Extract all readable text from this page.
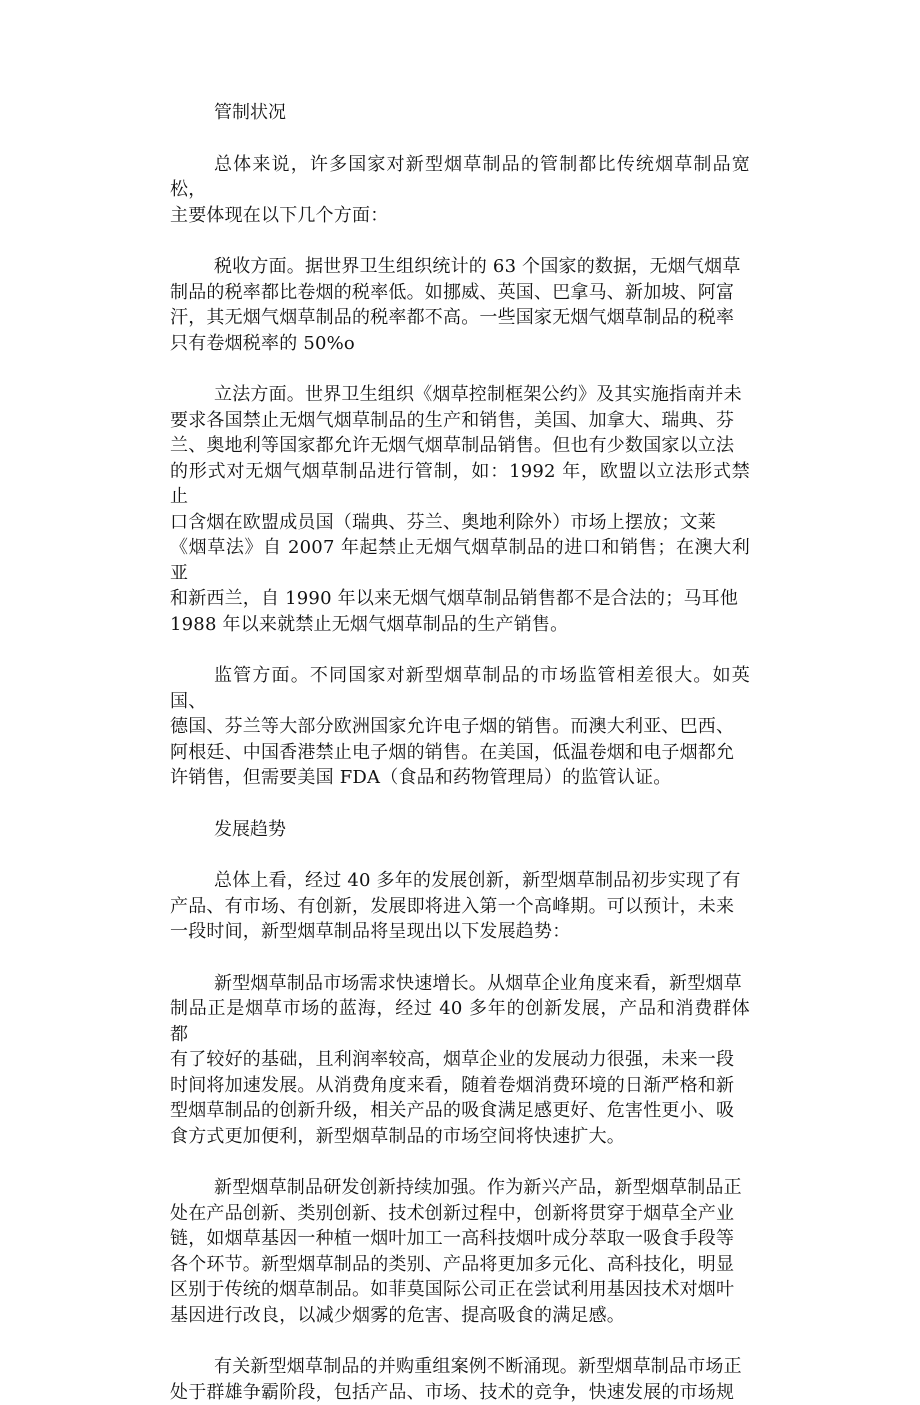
管制状况

总体来说，许多国家对新型烟草制品的管制都比传统烟草制品宽松，
主要体现在以下几个方面：

税收方面。据世界卫生组织统计的 63 个国家的数据，无烟气烟草
制品的税率都比卷烟的税率低。如挪威、英国、巴拿马、新加坡、阿富
汗，其无烟气烟草制品的税率都不高。一些国家无烟气烟草制品的税率
只有卷烟税率的 50%o

立法方面。世界卫生组织《烟草控制框架公约》及其实施指南并未
要求各国禁止无烟气烟草制品的生产和销售，美国、加拿大、瑞典、芬
兰、奥地利等国家都允许无烟气烟草制品销售。但也有少数国家以立法
的形式对无烟气烟草制品进行管制，如：1992 年，欧盟以立法形式禁止
口含烟在欧盟成员国（瑞典、芬兰、奥地利除外）市场上摆放；文莱
《烟草法》自 2007 年起禁止无烟气烟草制品的进口和销售；在澳大利亚
和新西兰，自 1990 年以来无烟气烟草制品销售都不是合法的；马耳他
1988 年以来就禁止无烟气烟草制品的生产销售。

监管方面。不同国家对新型烟草制品的市场监管相差很大。如英国、
德国、芬兰等大部分欧洲国家允许电子烟的销售。而澳大利亚、巴西、
阿根廷、中国香港禁止电子烟的销售。在美国，低温卷烟和电子烟都允
许销售，但需要美国 FDA（食品和药物管理局）的监管认证。

发展趋势

总体上看，经过 40 多年的发展创新，新型烟草制品初步实现了有
产品、有市场、有创新，发展即将进入第一个高峰期。可以预计，未来
一段时间，新型烟草制品将呈现出以下发展趋势：

新型烟草制品市场需求快速增长。从烟草企业角度来看，新型烟草
制品正是烟草市场的蓝海，经过 40 多年的创新发展，产品和消费群体都
有了较好的基础，且利润率较高，烟草企业的发展动力很强，未来一段
时间将加速发展。从消费角度来看，随着卷烟消费环境的日渐严格和新
型烟草制品的创新升级，相关产品的吸食满足感更好、危害性更小、吸
食方式更加便利，新型烟草制品的市场空间将快速扩大。

新型烟草制品研发创新持续加强。作为新兴产品，新型烟草制品正
处在产品创新、类别创新、技术创新过程中，创新将贯穿于烟草全产业
链，如烟草基因一种植一烟叶加工一高科技烟叶成分萃取一吸食手段等
各个环节。新型烟草制品的类别、产品将更加多元化、高科技化，明显
区别于传统的烟草制品。如菲莫国际公司正在尝试利用基因技术对烟叶
基因进行改良，以减少烟雾的危害、提高吸食的满足感。

有关新型烟草制品的并购重组案例不断涌现。新型烟草制品市场正
处于群雄争霸阶段，包括产品、市场、技术的竞争，快速发展的市场规
